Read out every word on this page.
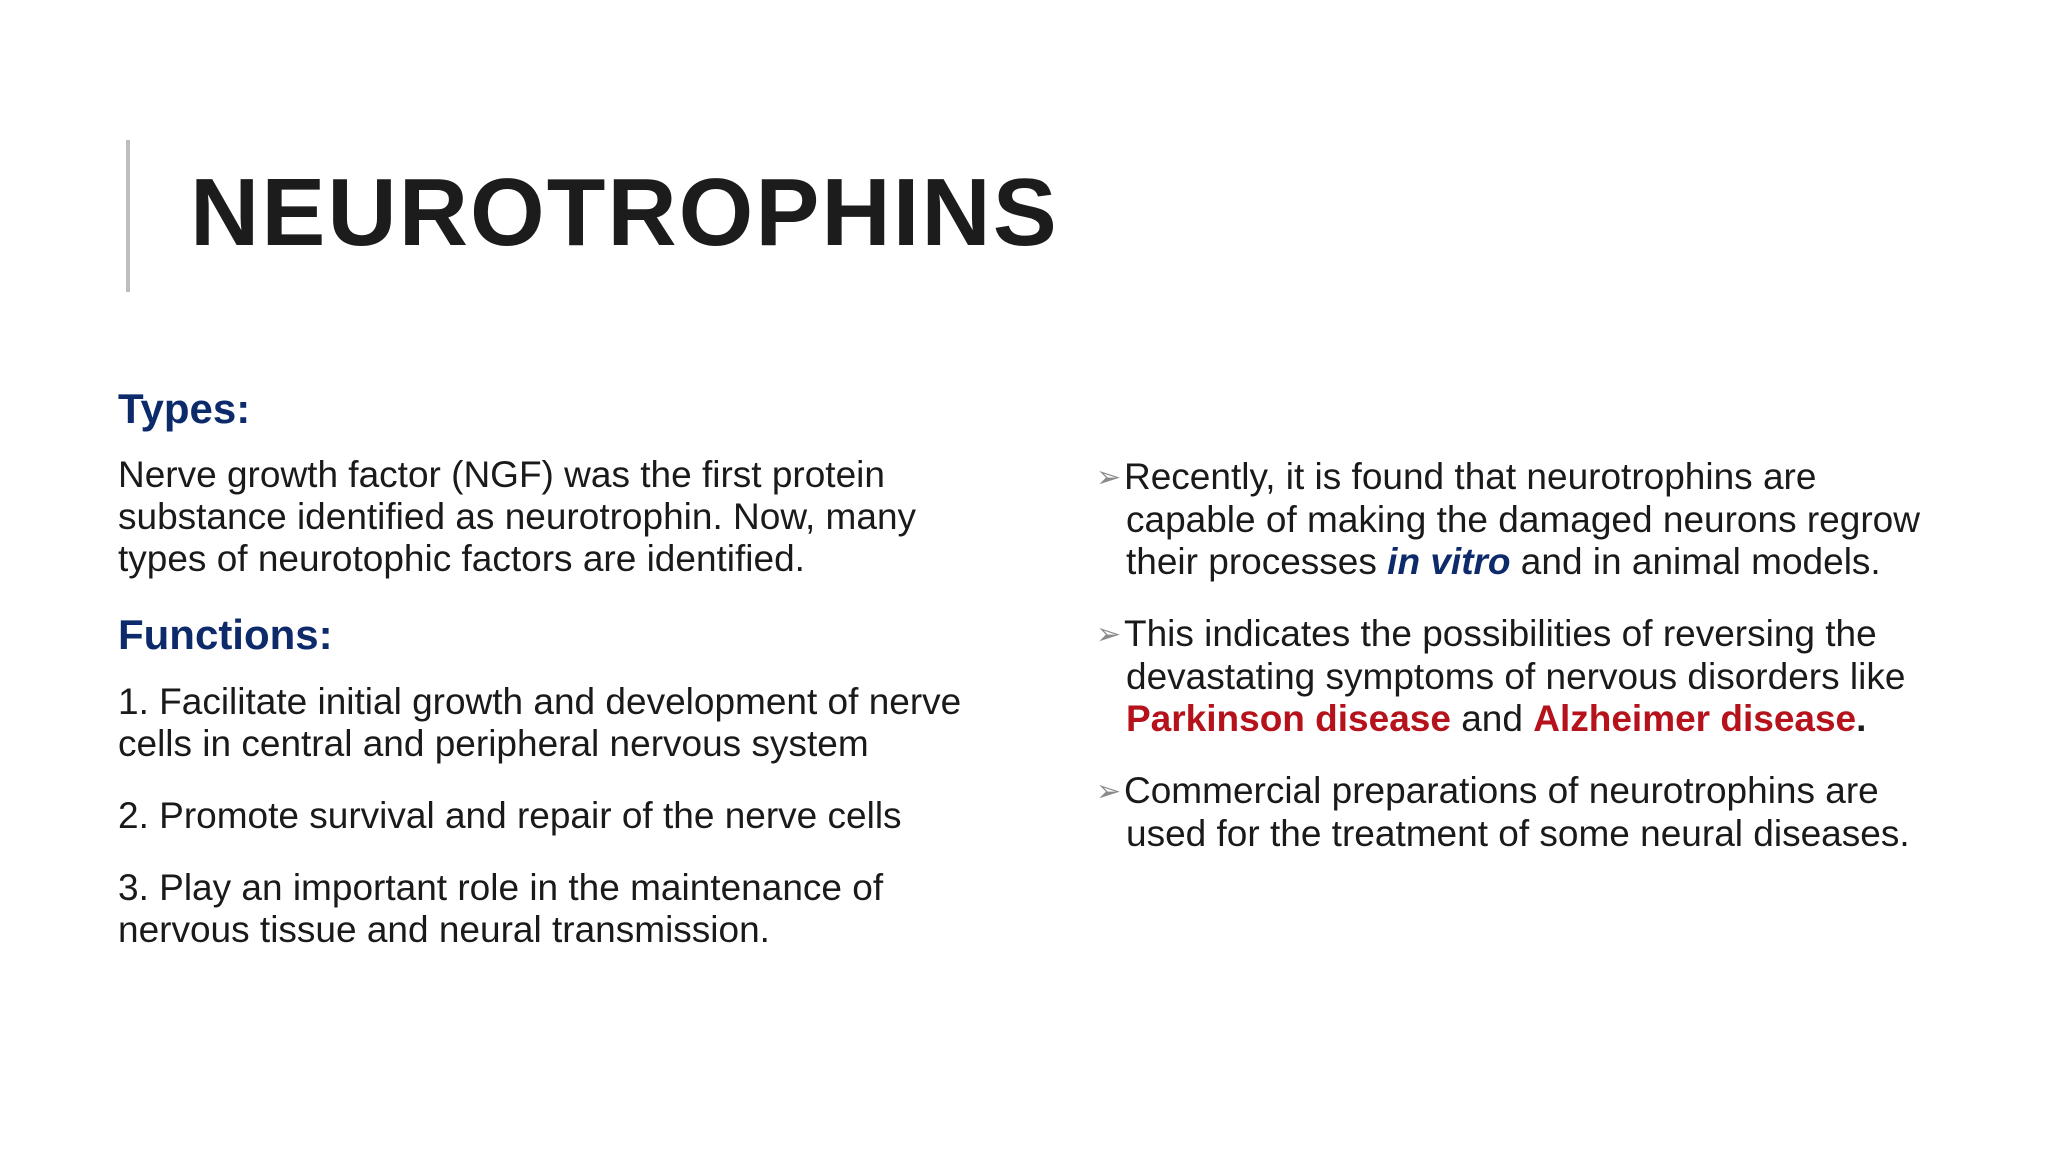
NEUROTROPHINS
Types:

Nerve growth factor (NGF) was the first protein
substance identified as neurotrophin. Now, many
types of neurotophic factors are identified.

Functions:

1. Facilitate initial growth and development of nerve
cells in central and peripheral nervous system

2. Promote survival and repair of the nerve cells

3. Play an important role in the maintenance of
nervous tissue and neural transmission.

➢Recently, it is found that neurotrophins are
capable of making the damaged neurons regrow
their processes in vitro and in animal models.

➢This indicates the possibilities of reversing the
devastating symptoms of nervous disorders like
Parkinson disease and Alzheimer disease.

➢Commercial preparations of neurotrophins are
used for the treatment of some neural diseases.
